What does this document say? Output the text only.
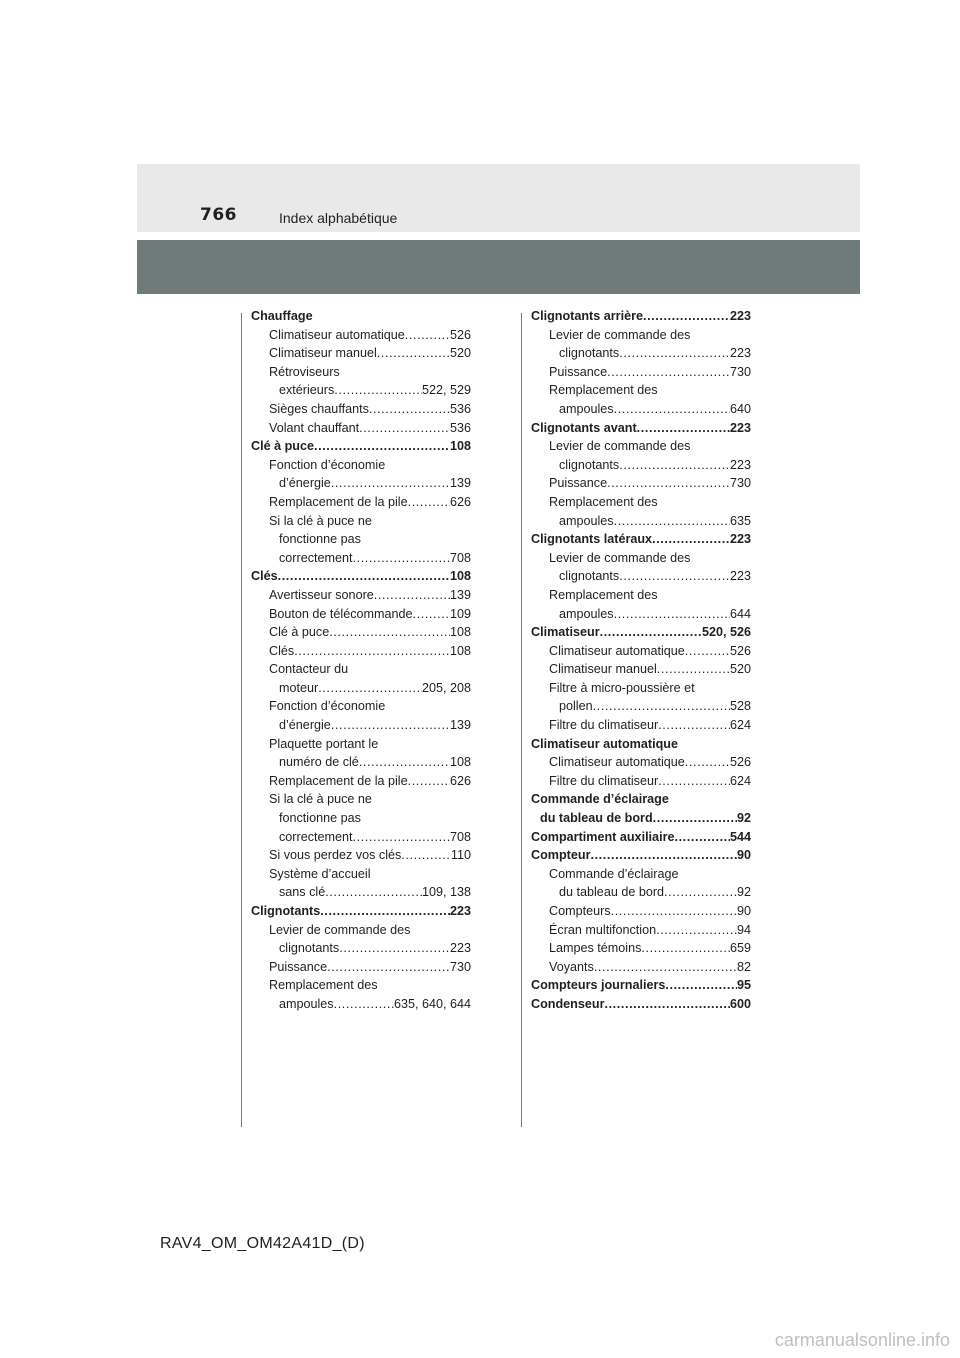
766	Index alphabétique
Chauffage
Climatiseur automatique .....	526
Climatiseur manuel .....	520
Rétroviseurs
extérieurs .....	522, 529
Sièges chauffants .....	536
Volant chauffant .....	536
Clé à puce .....	108
Fonction d’économie
d’énergie .....	139
Remplacement de la pile .....	626
Si la clé à puce ne
fonctionne pas
correctement .....	708
Clés .....	108
Avertisseur sonore .....	139
Bouton de télécommande .....	109
Clé à puce .....	108
Clés .....	108
Contacteur du
moteur .....	205, 208
Fonction d’économie
d’énergie .....	139
Plaquette portant le
numéro de clé .....	108
Remplacement de la pile .....	626
Si la clé à puce ne
fonctionne pas
correctement .....	708
Si vous perdez vos clés .....	110
Système d’accueil
sans clé .....	109, 138
Clignotants .....	223
Levier de commande des
clignotants .....	223
Puissance .....	730
Remplacement des
ampoules .....	635, 640, 644
Clignotants arrière .....	223
Levier de commande des
clignotants .....	223
Puissance .....	730
Remplacement des
ampoules .....	640
Clignotants avant .....	223
Levier de commande des
clignotants .....	223
Puissance .....	730
Remplacement des
ampoules .....	635
Clignotants latéraux .....	223
Levier de commande des
clignotants .....	223
Remplacement des
ampoules .....	644
Climatiseur .....	520, 526
Climatiseur automatique .....	526
Climatiseur manuel .....	520
Filtre à micro-poussière et
pollen .....	528
Filtre du climatiseur .....	624
Climatiseur automatique
Climatiseur automatique .....	526
Filtre du climatiseur .....	624
Commande d’éclairage
du tableau de bord .....	92
Compartiment auxiliaire .....	544
Compteur .....	90
Commande d’éclairage
du tableau de bord .....	92
Compteurs .....	90
Écran multifonction .....	94
Lampes témoins .....	659
Voyants .....	82
Compteurs journaliers .....	95
Condenseur .....	600
RAV4_OM_OM42A41D_(D)
carmanualsonline.info
